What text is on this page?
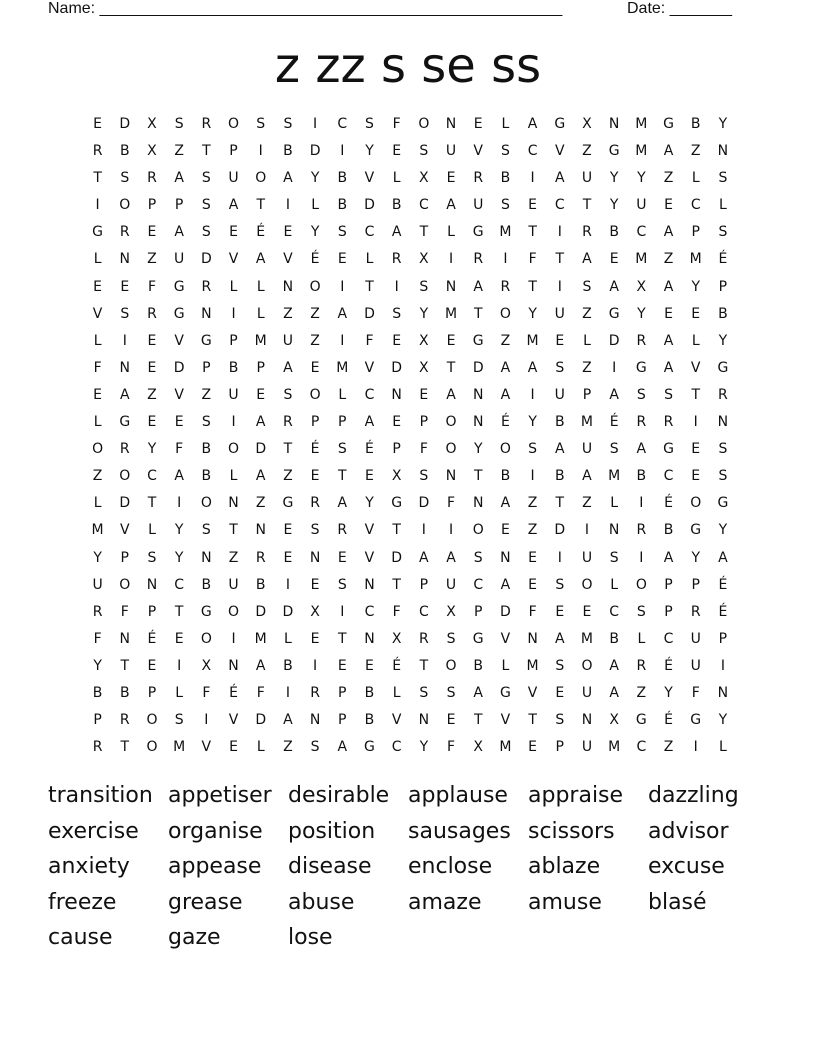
Name: ____________________________________________________	Date: _______
z zz s se ss
E	D	X	S	R	O	S	S	I	C	S	F	O	N	E	L	A	G	X	N	M	G	B	Y
R	B	X	Z	T	P	I	B	D	I	Y	E	S	U	V	S	C	V	Z	G	M	A	Z	N
T	S	R	A	S	U	O	A	Y	B	V	L	X	E	R	B	I	A	U	Y	Y	Z	L	S
I	O	P	P	S	A	T	I	L	B	D	B	C	A	U	S	E	C	T	Y	U	E	C	L
G	R	E	A	S	E	É	E	Y	S	C	A	T	L	G	M	T	I	R	B	C	A	P	S
L	N	Z	U	D	V	A	V	É	E	L	R	X	I	R	I	F	T	A	E	M	Z	M	É
E	E	F	G	R	L	L	N	O	I	T	I	S	N	A	R	T	I	S	A	X	A	Y	P
V	S	R	G	N	I	L	Z	Z	A	D	S	Y	M	T	O	Y	U	Z	G	Y	E	E	B
L	I	E	V	G	P	M	U	Z	I	F	E	X	E	G	Z	M	E	L	D	R	A	L	Y
F	N	E	D	P	B	P	A	E	M	V	D	X	T	D	A	A	S	Z	I	G	A	V	G
E	A	Z	V	Z	U	E	S	O	L	C	N	E	A	N	A	I	U	P	A	S	S	T	R
L	G	E	E	S	I	A	R	P	P	A	E	P	O	N	É	Y	B	M	É	R	R	I	N
O	R	Y	F	B	O	D	T	É	S	É	P	F	O	Y	O	S	A	U	S	A	G	E	S
Z	O	C	A	B	L	A	Z	E	T	E	X	S	N	T	B	I	B	A	M	B	C	E	S
L	D	T	I	O	N	Z	G	R	A	Y	G	D	F	N	A	Z	T	Z	L	I	É	O	G
M	V	L	Y	S	T	N	E	S	R	V	T	I	I	O	E	Z	D	I	N	R	B	G	Y
Y	P	S	Y	N	Z	R	E	N	E	V	D	A	A	S	N	E	I	U	S	I	A	Y	A
U	O	N	C	B	U	B	I	E	S	N	T	P	U	C	A	E	S	O	L	O	P	P	É
R	F	P	T	G	O	D	D	X	I	C	F	C	X	P	D	F	E	E	C	S	P	R	É
F	N	É	E	O	I	M	L	E	T	N	X	R	S	G	V	N	A	M	B	L	C	U	P
Y	T	E	I	X	N	A	B	I	E	E	É	T	O	B	L	M	S	O	A	R	É	U	I
B	B	P	L	F	É	F	I	R	P	B	L	S	S	A	G	V	E	U	A	Z	Y	F	N
P	R	O	S	I	V	D	A	N	P	B	V	N	E	T	V	T	S	N	X	G	É	G	Y
R	T	O	M	V	E	L	Z	S	A	G	C	Y	F	X	M	E	P	U	M	C	Z	I	L
transition appetiser desirable applause appraise	dazzling
exercise	organise	position	sausages scissors	advisor
anxiety	appease	disease	enclose	ablaze	excuse
freeze	grease	abuse	amaze	amuse	blasé
cause	gaze	lose
